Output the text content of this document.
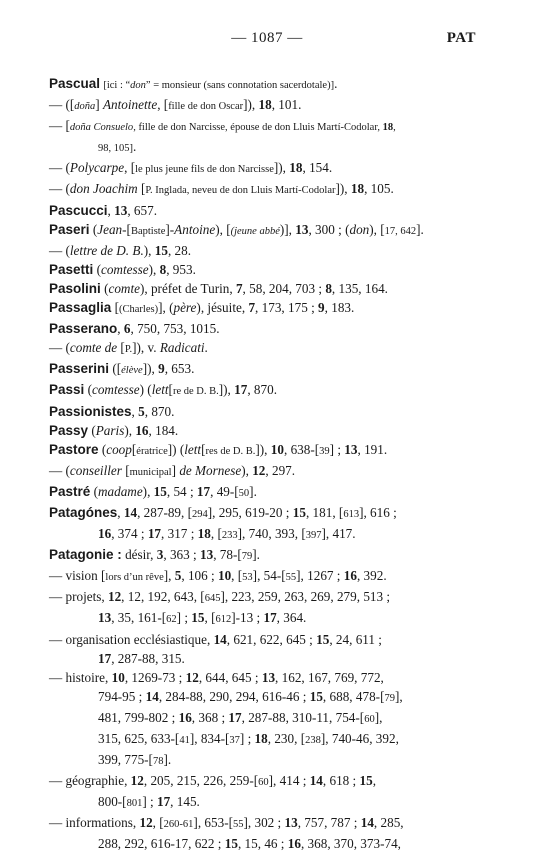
— 1087 —	PAT
Pascual [ici : “don” = monsieur (sans connotation sacerdotale)].
— ([doña] Antoinette, [fille de don Oscar]), 18, 101.
— [doña Consuelo, fille de don Narcisse, épouse de don Lluis Martí-Codolar, 18,
98, 105].
— (Polycarpe, [le plus jeune fils de don Narcisse]), 18, 154.
— (don Joachim [P. Inglada, neveu de don Lluis Martí-Codolar]), 18, 105.
Pascucci, 13, 657.
Paseri (Jean-[Baptiste]-Antoine), [(jeune abbé)], 13, 300 ; (don), [17, 642].
— (lettre de D. B.), 15, 28.
Pasetti (comtesse), 8, 953.
Pasolini (comte), préfet de Turin, 7, 58, 204, 703 ; 8, 135, 164.
Passaglia [(Charles)], (père), jésuite, 7, 173, 175 ; 9, 183.
Passerano, 6, 750, 753, 1015.
— (comte de [P.]), v. Radicati.
Passerini ([élève]), 9, 653.
Passi (comtesse) (lett[re de D. B.]), 17, 870.
Passionistes, 5, 870.
Passy (Paris), 16, 184.
Pastore (coop[ératrice]) (lett[res de D. B.]), 10, 638-[39] ; 13, 191.
— (conseiller [municipal] de Mornese), 12, 297.
Pastré (madame), 15, 54 ; 17, 49-[50].
Patagónes, 14, 287-89, [294], 295, 619-20 ; 15, 181, [613], 616 ;
16, 374 ; 17, 317 ; 18, [233], 740, 393, [397], 417.
Patagonie : désir, 3, 363 ; 13, 78-[79].
— vision [lors d’un rêve], 5, 106 ; 10, [53], 54-[55], 1267 ; 16, 392.
— projets, 12, 12, 192, 643, [645], 223, 259, 263, 269, 279, 513 ;
13, 35, 161-[62] ; 15, [612]-13 ; 17, 364.
— organisation ecclésiastique, 14, 621, 622, 645 ; 15, 24, 611 ;
17, 287-88, 315.
— histoire, 10, 1269-73 ; 12, 644, 645 ; 13, 162, 167, 769, 772,
794-95 ; 14, 284-88, 290, 294, 616-46 ; 15, 688, 478-[79],
481, 799-802 ; 16, 368 ; 17, 287-88, 310-11, 754-[60],
315, 625, 633-[41], 834-[37] ; 18, 230, [238], 740-46, 392,
399, 775-[78].
— géographie, 12, 205, 215, 226, 259-[60], 414 ; 14, 618 ; 15,
800-[801] ; 17, 145.
— informations, 12, [260-61], 653-[55], 302 ; 13, 757, 787 ; 14, 285,
288, 292, 616-17, 622 ; 15, 15, 46 ; 16, 368, 370, 373-74,
